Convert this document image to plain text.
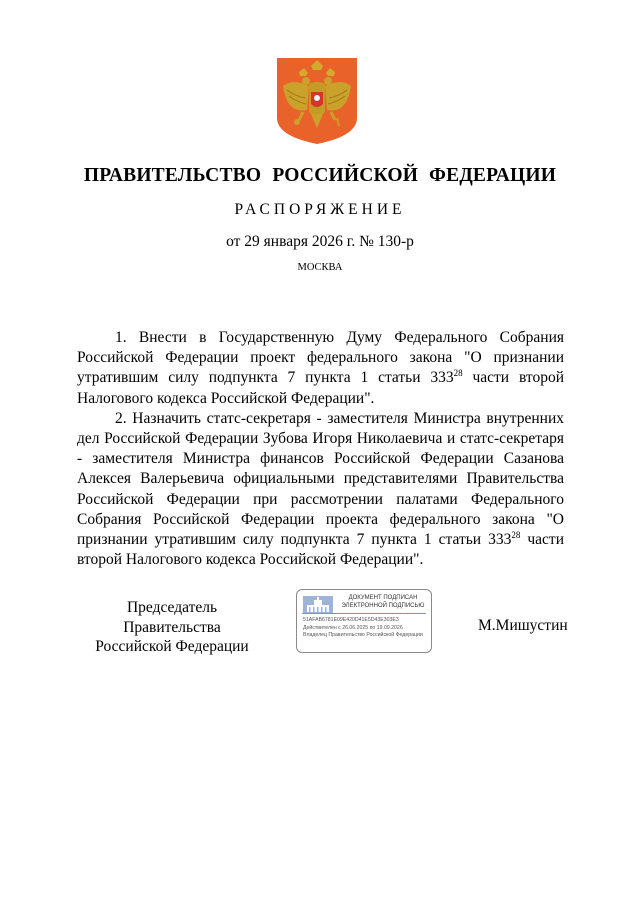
ПРАВИТЕЛЬСТВО РОССИЙСКОЙ ФЕДЕРАЦИИ
РАСПОРЯЖЕНИЕ
от 29 января 2026 г. № 130-р
МОСКВА

1. Внести в Государственную Думу Федерального Собрания Российской Федерации проект федерального закона "О признании утратившим силу подпункта 7 пункта 1 статьи $333^{28}$ части второй Налогового кодекса Российской Федерации".

2. Назначить статс-секретаря - заместителя Министра внутренних дел Российской Федерации Зубова Игоря Николаевича и статс-секретаря - заместителя Министра финансов Российской Федерации Сазанова Алексея Валерьевича официальными представителями Правительства Российской Федерации при рассмотрении палатами Федерального Собрания Российской Федерации проекта федерального закона "О признании утратившим силу подпункта 7 пункта 1 статьи $333^{28}$ части второй Налогового кодекса Российской Федерации".

Председатель Правительства
Российской Федерации
ДОКУМЕНТ ПОДПИСАН
ЭЛЕКТРОННОЙ ПОДПИСЬЮ
51AFAB6781E09E420D41E5D43E303E3
Действителен с 26.06.2025 по 19.09.2026
Владелец Правительство Российской Федерации
М.Мишустин
